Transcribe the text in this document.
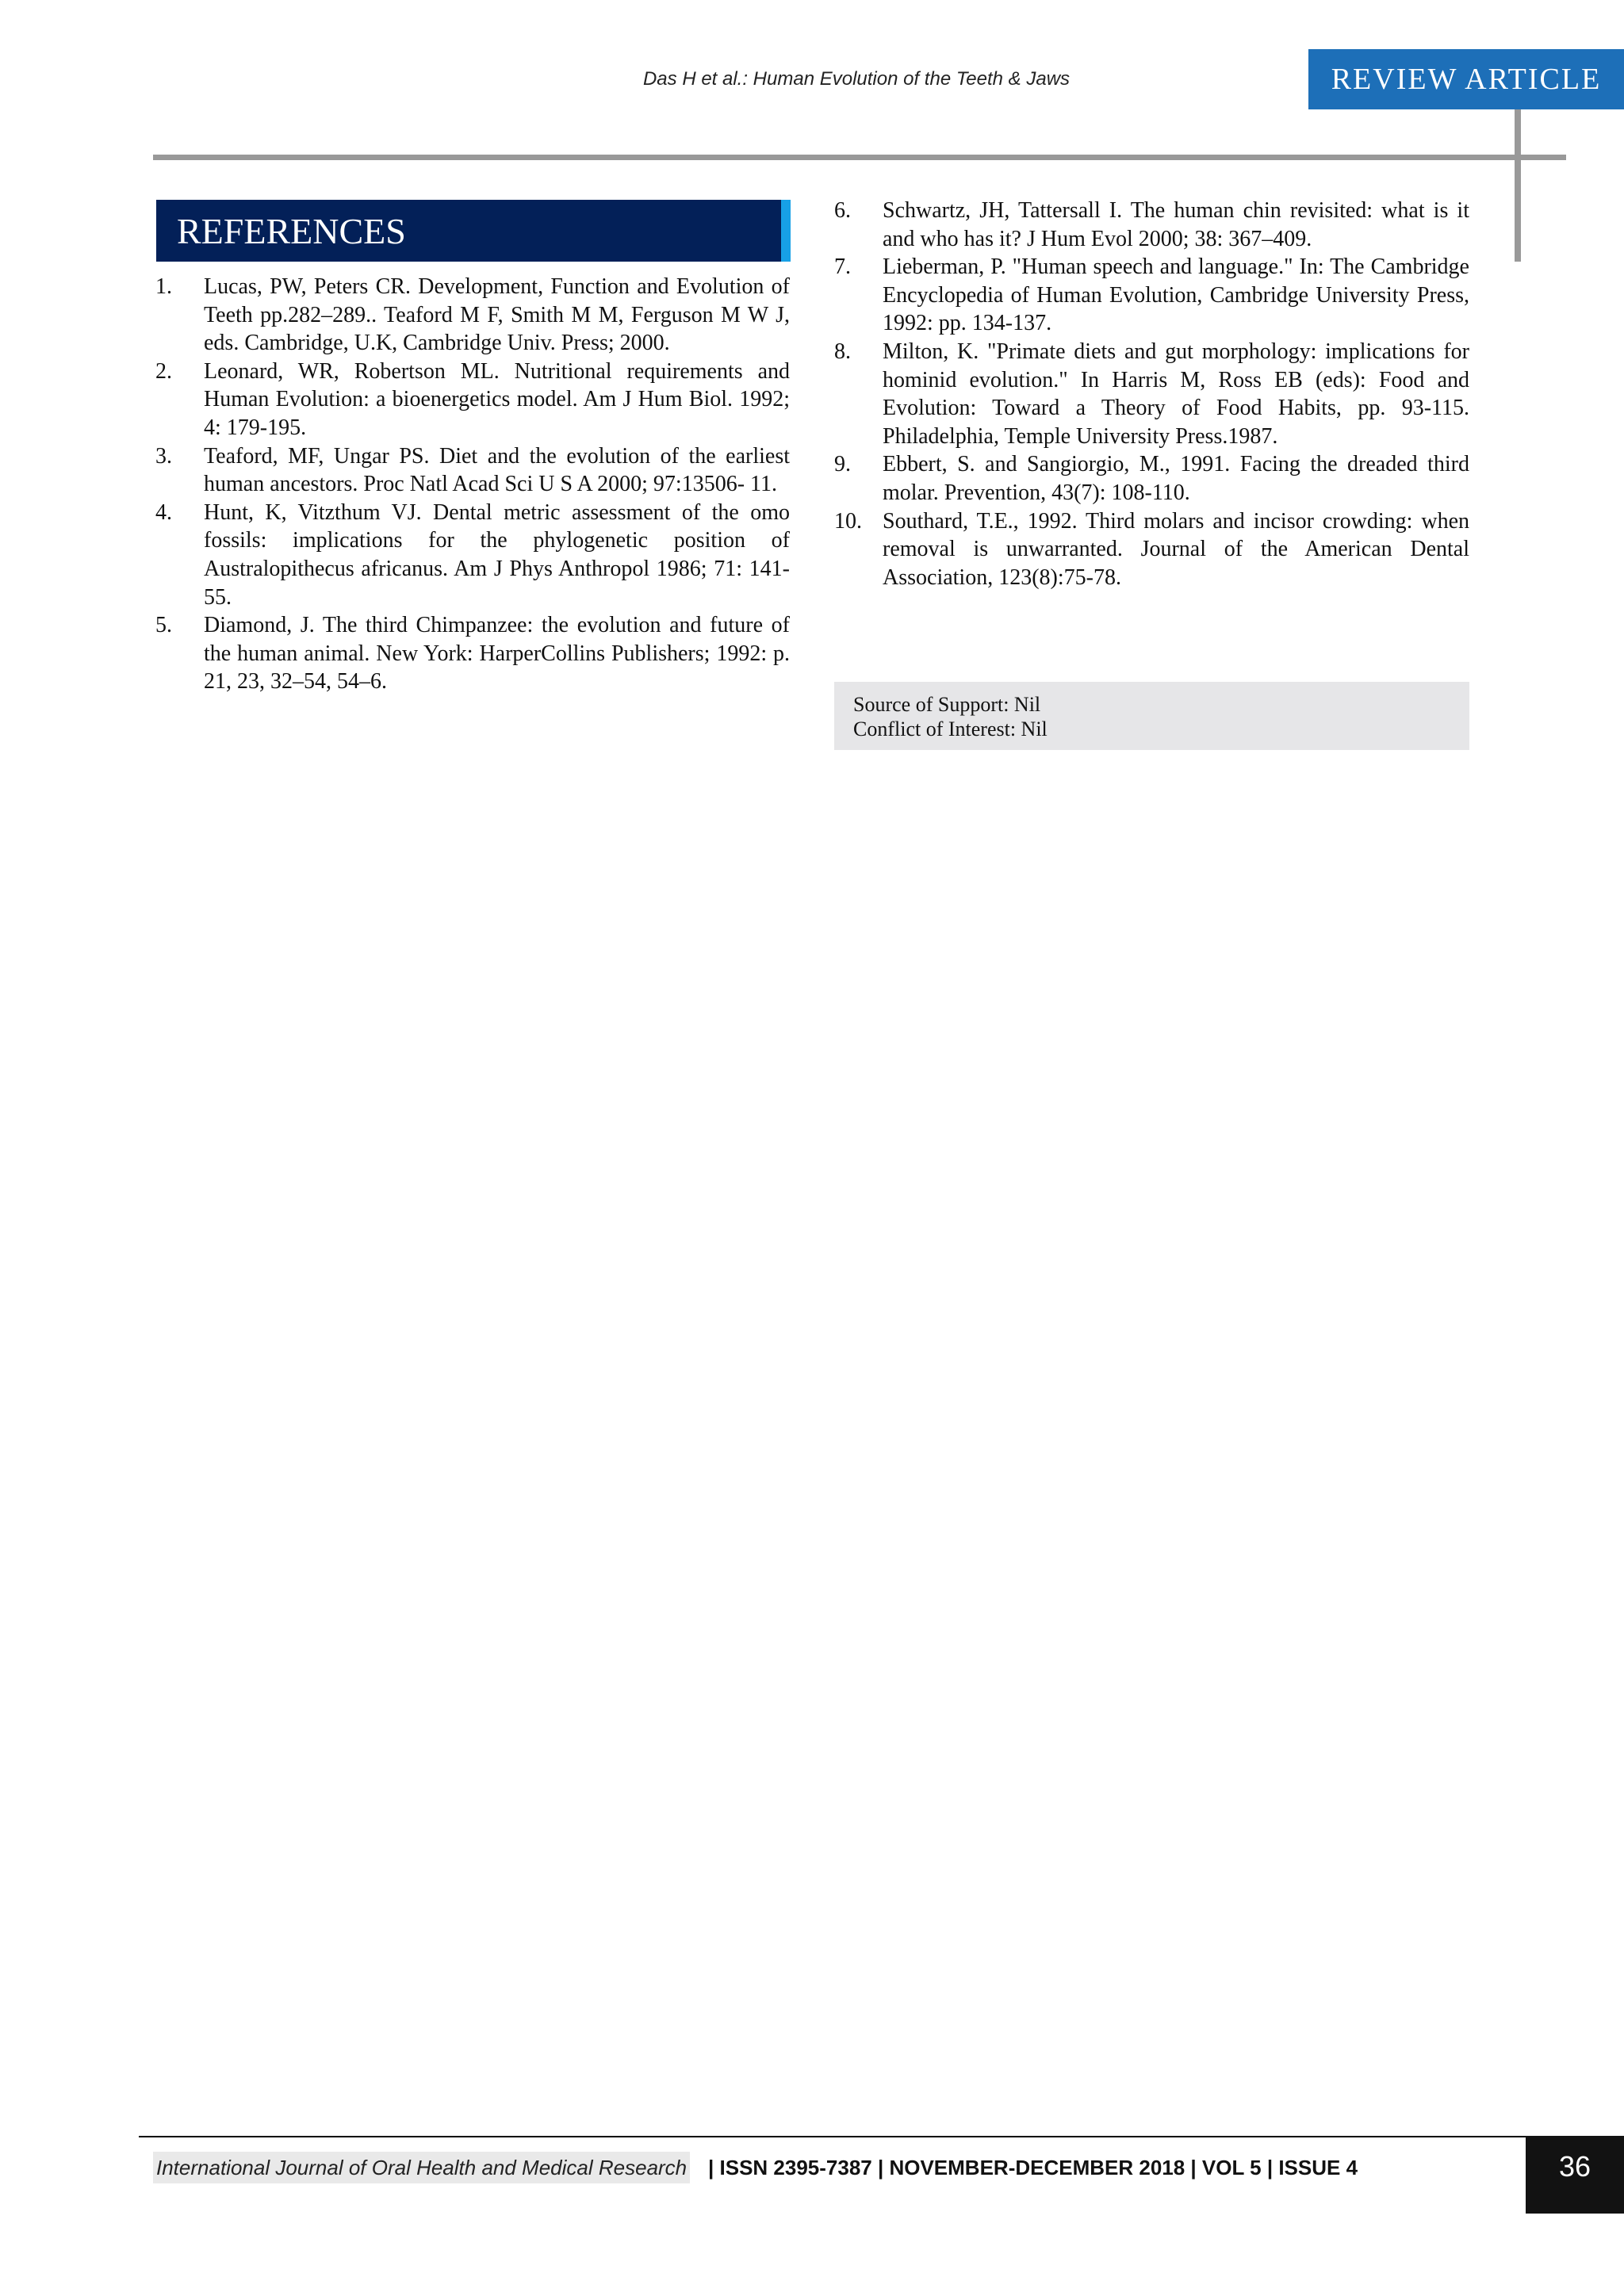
Das H et al.: Human Evolution of the Teeth & Jaws	REVIEW ARTICLE
REFERENCES

1.	Lucas, PW, Peters CR. Development, Function and Evolution of Teeth pp.282–289.. Teaford M F, Smith M M, Ferguson M W J, eds. Cambridge, U.K, Cambridge Univ. Press; 2000.

2.	Leonard, WR, Robertson ML. Nutritional requirements and Human Evolution: a bioenergetics model. Am J Hum Biol. 1992; 4: 179-195.

3.	Teaford, MF, Ungar PS. Diet and the evolution of the earliest human ancestors. Proc Natl Acad Sci U S A 2000; 97:13506- 11.

4.	Hunt, K, Vitzthum VJ. Dental metric assessment of the omo fossils: implications for the phylogenetic position of Australopithecus africanus. Am J Phys Anthropol 1986; 71: 141-55.

5.	Diamond, J. The third Chimpanzee: the evolution and future of the human animal. New York: HarperCollins Publishers; 1992: p. 21, 23, 32–54, 54–6.

6.	Schwartz, JH, Tattersall I. The human chin revisited: what is it and who has it? J Hum Evol 2000; 38: 367–409.

7.	Lieberman, P. "Human speech and language." In: The Cambridge Encyclopedia of Human Evolution, Cambridge University Press, 1992: pp. 134-137.

8.	Milton, K. "Primate diets and gut morphology: implications for hominid evolution." In Harris M, Ross EB (eds): Food and Evolution: Toward a Theory of Food Habits, pp. 93-115. Philadelphia, Temple University Press.1987.

9.	Ebbert, S. and Sangiorgio, M., 1991. Facing the dreaded third molar. Prevention, 43(7): 108-110.

10. Southard, T.E., 1992. Third molars and incisor crowding: when removal is unwarranted. Journal of the American Dental Association, 123(8):75-78.

Source of Support: Nil
Conflict of Interest: Nil
International Journal of Oral Health and Medical Research | ISSN 2395-7387 | NOVEMBER-DECEMBER 2018 | VOL 5 | ISSUE 4	36
